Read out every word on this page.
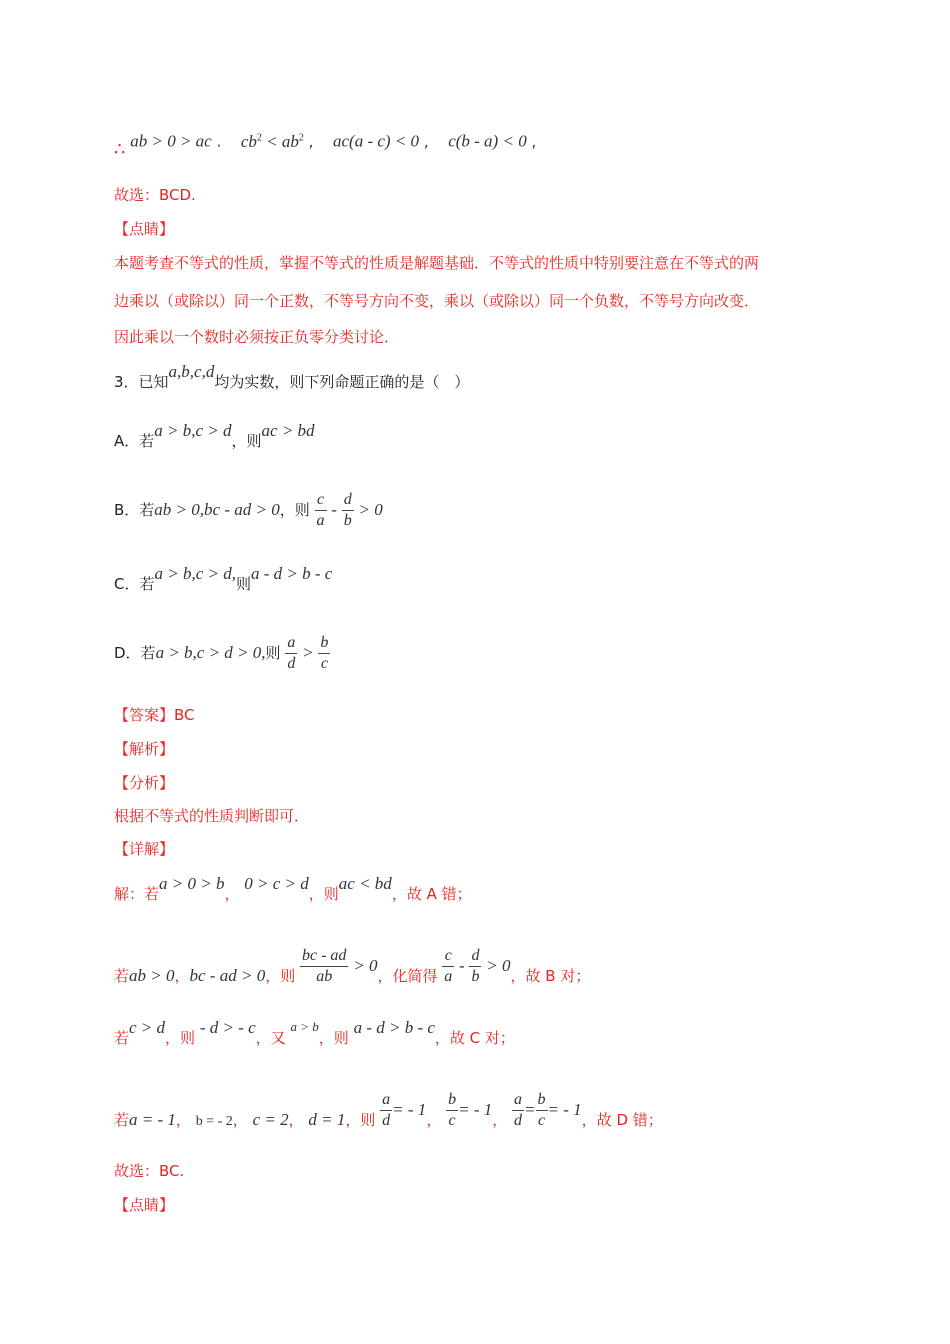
∴ ab > 0 > ac . $cb^2 < ab^2$ , ac(a - c) < 0 , c(b - a) < 0 ,
故选：BCD.
【点睛】
本题考查不等式的性质，掌握不等式的性质是解题基础．不等式的性质中特别要注意在不等式的两
边乘以（或除以）同一个正数，不等号方向不变，乘以（或除以）同一个负数，不等号方向改变．
因此乘以一个数时必须按正负零分类讨论．
3．已知a,b,c,d均为实数，则下列命题正确的是（　）
A．若a > b,c > d，则ac > bd
B．若ab > 0,bc - ad > 0，则 $\frac{c}{a} - \frac{d}{b} > 0$
C．若a > b,c > d,则a - d > b - c
D．若a > b,c > d > 0,则 $\frac{a}{d} > \frac{b}{c}$
【答案】BC
【解析】
【分析】
根据不等式的性质判断即可．
【详解】
解：若a > 0 > b， 0 > c > d，则ac < bd，故 A 错；
若ab > 0，bc - ad > 0，则 $\frac{bc - ad}{ab} > 0$，化简得 $\frac{c}{a} - \frac{d}{b} > 0$，故 B 对；
若c > d，则 - d > - c，又 a > b，则 a - d > b - c，故 C 对；
若a = - 1， b = - 2， c = 2， d = 1，则 $\frac{a}{d}$ = - 1， $\frac{b}{c}$ = - 1， $\frac{a}{d} = \frac{b}{c}$ = - 1，故 D 错；
故选：BC.
【点睛】
